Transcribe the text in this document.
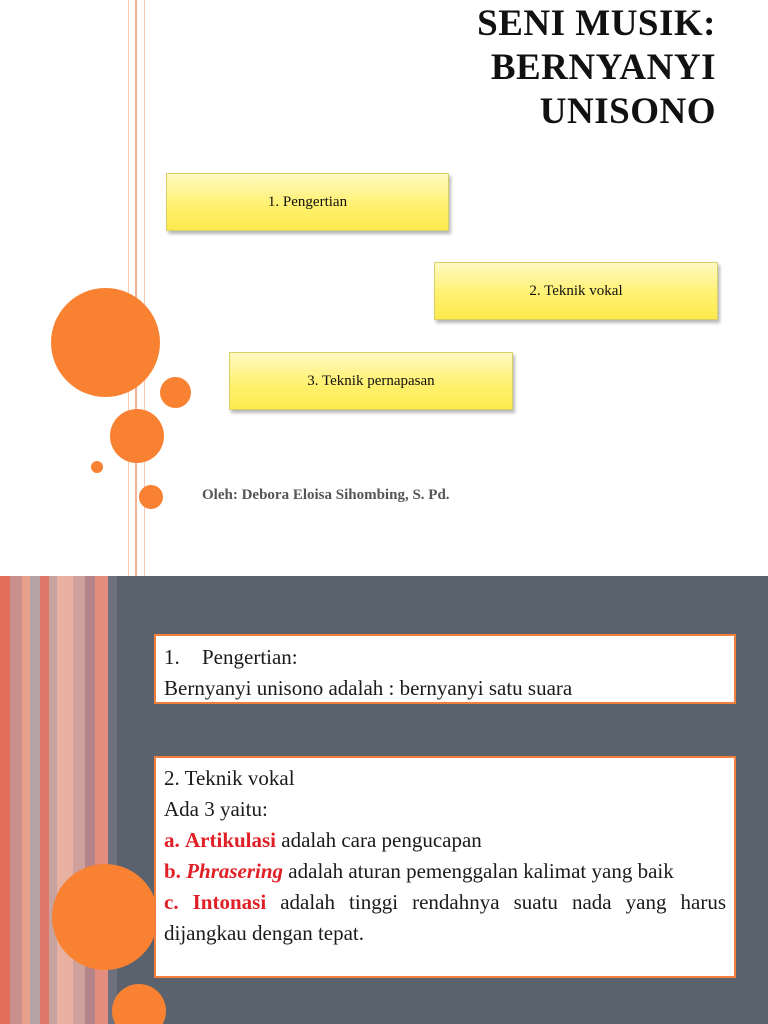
SENI MUSIK:
BERNYANYI
UNISONO
1. Pengertian
2. Teknik vokal
3. Teknik pernapasan
Oleh: Debora Eloisa Sihombing, S. Pd.
1.	Pengertian:
Bernyanyi unisono adalah : bernyanyi satu suara
2. Teknik vokal
Ada 3 yaitu:
a. Artikulasi adalah cara pengucapan
b. Phrasering adalah aturan pemenggalan kalimat yang baik
c. Intonasi adalah tinggi rendahnya suatu nada yang harus dijangkau dengan tepat.
